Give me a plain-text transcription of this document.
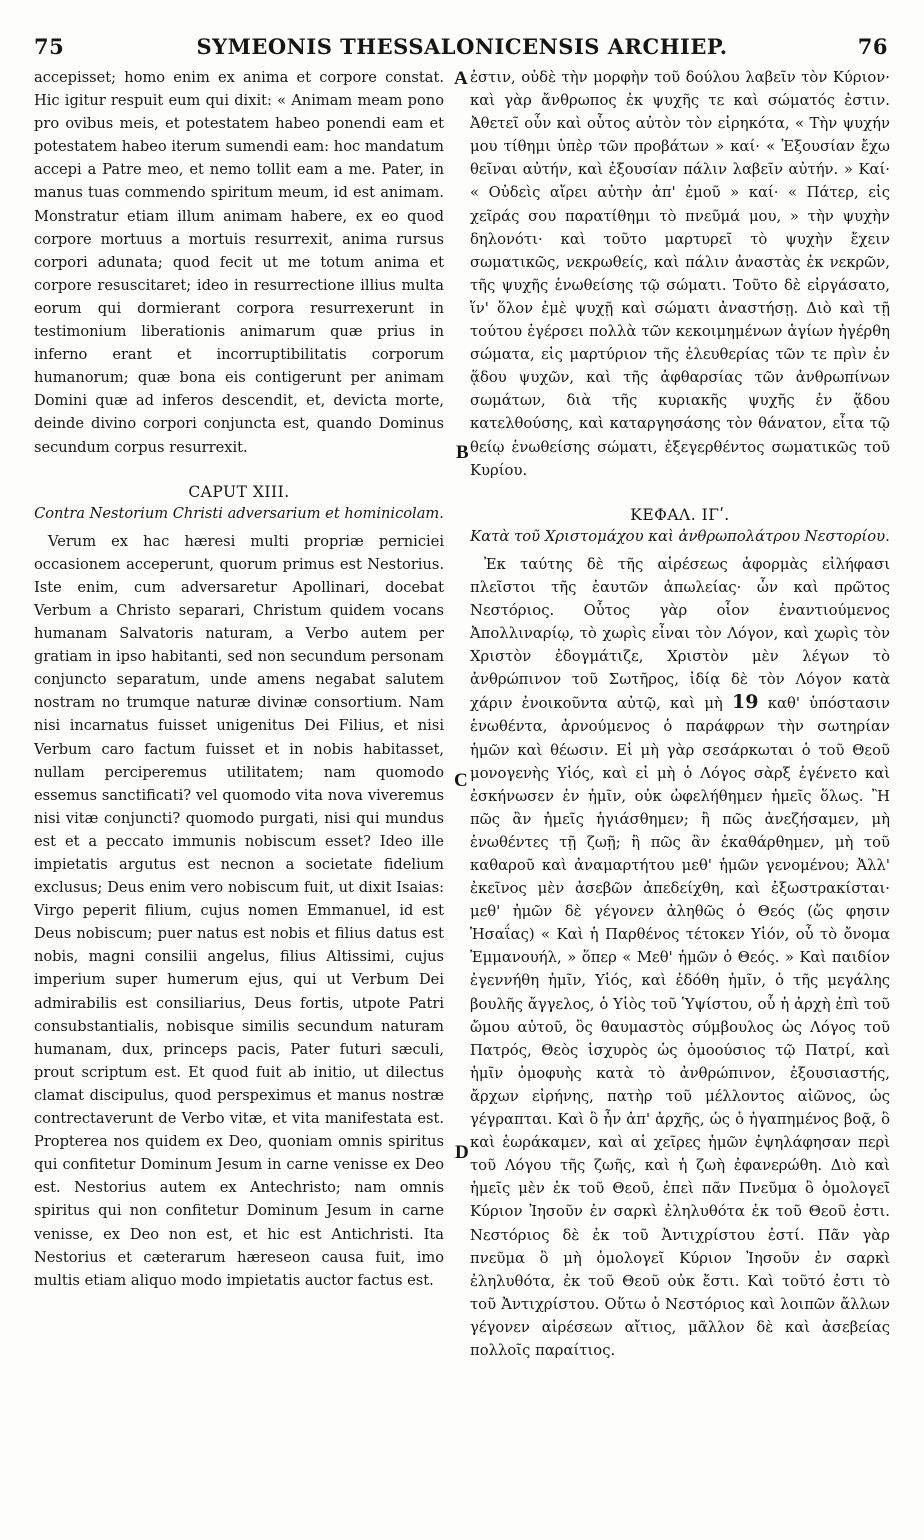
75	SYMEONIS THESSALONICENSIS ARCHIEP.	76

accepisset; homo enim ex anima et corpore constat. Hic igitur respuit eum qui dixit: « Animam meam pono pro ovibus meis, et potestatem habeo ponendi eam et potestatem habeo iterum sumendi eam: hoc mandatum accepi a Patre meo, et nemo tollit eam a me. Pater, in manus tuas commendo spiritum meum, id est animam. Monstratur etiam illum animam habere, ex eo quod corpore mortuus a mortuis resurrexit, anima rursus corpori adunata; quod fecit ut me totum anima et corpore resuscitaret; ideo in resurrectione illius multa eorum qui dormierant corpora resurrexerunt in testimonium liberationis animarum quæ prius in inferno erant et incorruptibilitatis corporum humanorum; quæ bona eis contigerunt per animam Domini quæ ad inferos descendit, et, devicta morte, deinde divino corpori conjuncta est, quando Dominus secundum corpus resurrexit.

CAPUT XIII.

Contra Nestorium Christi adversarium et hominicolam.

Verum ex hac hæresi multi propriæ perniciei occasionem acceperunt, quorum primus est Nestorius. Iste enim, cum adversaretur Apollinari, docebat Verbum a Christo separari, Christum quidem vocans humanam Salvatoris naturam, a Verbo autem per gratiam in ipso habitanti, sed non secundum personam conjuncto separatum, unde amens negabat salutem nostram no trumque naturæ divinæ consortium. Nam nisi incarnatus fuisset unigenitus Dei Filius, et nisi Verbum caro factum fuisset et in nobis habitasset, nullam perciperemus utilitatem; nam quomodo essemus sanctificati? vel quomodo vita nova viveremus nisi vitæ conjuncti? quomodo purgati, nisi qui mundus est et a peccato immunis nobiscum esset? Ideo ille impietatis argutus est necnon a societate fidelium exclusus; Deus enim vero nobiscum fuit, ut dixit Isaias: Virgo peperit filium, cujus nomen Emmanuel, id est Deus nobiscum; puer natus est nobis et filius datus est nobis, magni consilii angelus, filius Altissimi, cujus imperium super humerum ejus, qui ut Verbum Dei admirabilis est consiliarius, Deus fortis, utpote Patri consubstantialis, nobisque similis secundum naturam humanam, dux, princeps pacis, Pater futuri sæculi, prout scriptum est. Et quod fuit ab initio, ut dilectus clamat discipulus, quod perspeximus et manus nostræ contrectaverunt de Verbo vitæ, et vita manifestata est. Propterea nos quidem ex Deo, quoniam omnis spiritus qui confitetur Dominum Jesum in carne venisse ex Deo est. Nestorius autem ex Antechristo; nam omnis spiritus qui non confitetur Dominum Jesum in carne venisse, ex Deo non est, et hic est Antichristi. Ita Nestorius et cæterarum hæreseon causa fuit, imo multis etiam aliquo modo impietatis auctor factus est.

A
B
C
D

ἐστιν, οὐδὲ τὴν μορφὴν τοῦ δούλου λαβεῖν τὸν Κύριον· καὶ γὰρ ἄνθρωπος ἐκ ψυχῆς τε καὶ σώματός ἐστιν. Ἀθετεῖ οὖν καὶ οὗτος αὐτὸν τὸν εἰρηκότα, « Τὴν ψυχήν μου τίθημι ὑπὲρ τῶν προβάτων » καί· « Ἐξουσίαν ἔχω θεῖναι αὐτήν, καὶ ἐξουσίαν πάλιν λαβεῖν αὐτήν. » Καί· « Οὐδεὶς αἴρει αὐτὴν ἀπ' ἐμοῦ » καί· « Πάτερ, εἰς χεῖράς σου παρατίθημι τὸ πνεῦμά μου, » τὴν ψυχὴν δηλονότι· καὶ τοῦτο μαρτυρεῖ τὸ ψυχὴν ἔχειν σωματικῶς, νεκρωθείς, καὶ πάλιν ἀναστὰς ἐκ νεκρῶν, τῆς ψυχῆς ἑνωθείσης τῷ σώματι. Τοῦτο δὲ εἰργάσατο, ἵν' ὅλον ἐμὲ ψυχῇ καὶ σώματι ἀναστήσῃ. Διὸ καὶ τῇ τούτου ἐγέρσει πολλὰ τῶν κεκοιμημένων ἁγίων ἠγέρθη σώματα, εἰς μαρτύριον τῆς ἐλευθερίας τῶν τε πρὶν ἐν ᾅδου ψυχῶν, καὶ τῆς ἀφθαρσίας τῶν ἀνθρωπίνων σωμάτων, διὰ τῆς κυριακῆς ψυχῆς ἐν ᾅδου κατελθούσης, καὶ καταργησάσης τὸν θάνατον, εἶτα τῷ θείῳ ἑνωθείσης σώματι, ἐξεγερθέντος σωματικῶς τοῦ Κυρίου.

ΚΕΦΑΛ. ΙΓʹ.

Κατὰ τοῦ Χριστομάχου καὶ ἀνθρωπολάτρου Νεστορίου.

Ἐκ ταύτης δὲ τῆς αἱρέσεως ἀφορμὰς εἰλήφασι πλεῖστοι τῆς ἑαυτῶν ἀπωλείας· ὧν καὶ πρῶτος Νεστόριος. Οὗτος γὰρ οἷον ἐναντιούμενος Ἀπολλιναρίῳ, τὸ χωρὶς εἶναι τὸν Λόγον, καὶ χωρὶς τὸν Χριστὸν ἐδογμάτιζε, Χριστὸν μὲν λέγων τὸ ἀνθρώπινον τοῦ Σωτῆρος, ἰδίᾳ δὲ τὸν Λόγον κατὰ χάριν ἐνοικοῦντα αὐτῷ, καὶ μὴ 19 καθ' ὑπόστασιν ἑνωθέντα, ἀρνούμενος ὁ παράφρων τὴν σωτηρίαν ἡμῶν καὶ θέωσιν. Εἰ μὴ γὰρ σεσάρκωται ὁ τοῦ Θεοῦ μονογενὴς Υἱός, καὶ εἰ μὴ ὁ Λόγος σὰρξ ἐγένετο καὶ ἐσκήνωσεν ἐν ἡμῖν, οὐκ ὠφελήθημεν ἡμεῖς ὅλως. Ἢ πῶς ἂν ἡμεῖς ἡγιάσθημεν; ἢ πῶς ἀνεζήσαμεν, μὴ ἑνωθέντες τῇ ζωῇ; ἢ πῶς ἂν ἐκαθάρθημεν, μὴ τοῦ καθαροῦ καὶ ἀναμαρτήτου μεθ' ἡμῶν γενομένου; Ἀλλ' ἐκεῖνος μὲν ἀσεβῶν ἀπεδείχθη, καὶ ἐξωστρακίσται· μεθ' ἡμῶν δὲ γέγονεν ἀληθῶς ὁ Θεός (ὥς φησιν Ἡσαΐας) « Καὶ ἡ Παρθένος τέτοκεν Υἱόν, οὗ τὸ ὄνομα Ἐμμανουήλ, » ὅπερ « Μεθ' ἡμῶν ὁ Θεός. » Καὶ παιδίον ἐγεννήθη ἡμῖν, Υἱός, καὶ ἐδόθη ἡμῖν, ὁ τῆς μεγάλης βουλῆς ἄγγελος, ὁ Υἱὸς τοῦ Ὑψίστου, οὗ ἡ ἀρχὴ ἐπὶ τοῦ ὤμου αὐτοῦ, ὃς θαυμαστὸς σύμβουλος ὡς Λόγος τοῦ Πατρός, Θεὸς ἰσχυρὸς ὡς ὁμοούσιος τῷ Πατρί, καὶ ἡμῖν ὁμοφυὴς κατὰ τὸ ἀνθρώπινον, ἐξουσιαστής, ἄρχων εἰρήνης, πατὴρ τοῦ μέλλοντος αἰῶνος, ὡς γέγραπται. Καὶ ὃ ἦν ἀπ' ἀρχῆς, ὡς ὁ ἠγαπημένος βοᾷ, ὃ καὶ ἑωράκαμεν, καὶ αἱ χεῖρες ἡμῶν ἐψηλάφησαν περὶ τοῦ Λόγου τῆς ζωῆς, καὶ ἡ ζωὴ ἐφανερώθη. Διὸ καὶ ἡμεῖς μὲν ἐκ τοῦ Θεοῦ, ἐπεὶ πᾶν Πνεῦμα ὃ ὁμολογεῖ Κύριον Ἰησοῦν ἐν σαρκὶ ἐληλυθότα ἐκ τοῦ Θεοῦ ἐστι. Νεστόριος δὲ ἐκ τοῦ Ἀντιχρίστου ἐστί. Πᾶν γὰρ πνεῦμα ὃ μὴ ὁμολογεῖ Κύριον Ἰησοῦν ἐν σαρκὶ ἐληλυθότα, ἐκ τοῦ Θεοῦ οὐκ ἔστι. Καὶ τοῦτό ἐστι τὸ τοῦ Ἀντιχρίστου. Οὕτω ὁ Νεστόριος καὶ λοιπῶν ἄλλων γέγονεν αἱρέσεων αἴτιος, μᾶλλον δὲ καὶ ἀσεβείας πολλοῖς παραίτιος.
